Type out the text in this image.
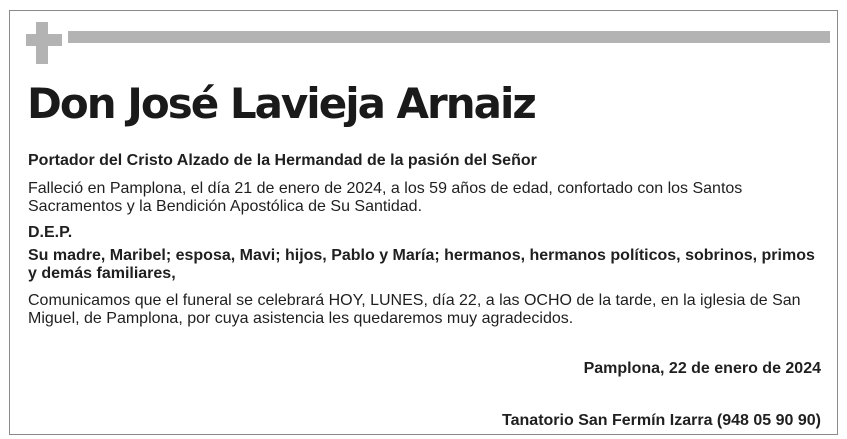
Don José Lavieja Arnaiz

Portador del Cristo Alzado de la Hermandad de la pasión del Señor

Falleció en Pamplona, el día 21 de enero de 2024, a los 59 años de edad, confortado con los Santos Sacramentos y la Bendición Apostólica de Su Santidad.

D.E.P.

Su madre, Maribel; esposa, Mavi; hijos, Pablo y María; hermanos, hermanos políticos, sobrinos, primos y demás familiares,

Comunicamos que el funeral se celebrará HOY, LUNES, día 22, a las OCHO de la tarde, en la iglesia de San Miguel, de Pamplona, por cuya asistencia les quedaremos muy agradecidos.

Pamplona, 22 de enero de 2024

Tanatorio San Fermín Izarra (948 05 90 90)
